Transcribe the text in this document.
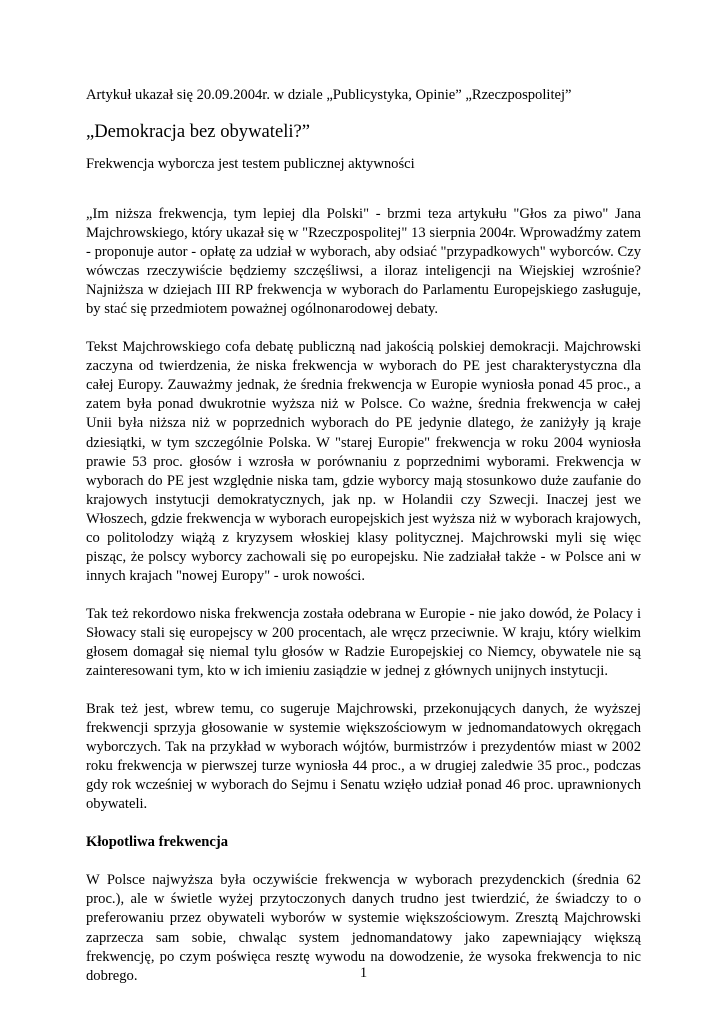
Artykuł ukazał się 20.09.2004r. w dziale „Publicystyka, Opinie” „Rzeczpospolitej”
„Demokracja bez obywateli?”
Frekwencja wyborcza jest testem publicznej aktywności

„Im niższa frekwencja, tym lepiej dla Polski" - brzmi teza artykułu "Głos za piwo" Jana Majchrowskiego, który ukazał się w "Rzeczpospolitej" 13 sierpnia 2004r. Wprowadźmy zatem - proponuje autor - opłatę za udział w wyborach, aby odsiać "przypadkowych" wyborców. Czy wówczas rzeczywiście będziemy szczęśliwsi, a iloraz inteligencji na Wiejskiej wzrośnie? Najniższa w dziejach III RP frekwencja w wyborach do Parlamentu Europejskiego zasługuje, by stać się przedmiotem poważnej ogólnonarodowej debaty.

Tekst Majchrowskiego cofa debatę publiczną nad jakością polskiej demokracji. Majchrowski zaczyna od twierdzenia, że niska frekwencja w wyborach do PE jest charakterystyczna dla całej Europy. Zauważmy jednak, że średnia frekwencja w Europie wyniosła ponad 45 proc., a zatem była ponad dwukrotnie wyższa niż w Polsce. Co ważne, średnia frekwencja w całej Unii była niższa niż w poprzednich wyborach do PE jedynie dlatego, że zaniżyły ją kraje dziesiątki, w tym szczególnie Polska. W "starej Europie" frekwencja w roku 2004 wyniosła prawie 53 proc. głosów i wzrosła w porównaniu z poprzednimi wyborami. Frekwencja w wyborach do PE jest względnie niska tam, gdzie wyborcy mają stosunkowo duże zaufanie do krajowych instytucji demokratycznych, jak np. w Holandii czy Szwecji. Inaczej jest we Włoszech, gdzie frekwencja w wyborach europejskich jest wyższa niż w wyborach krajowych, co politolodzy wiążą z kryzysem włoskiej klasy politycznej. Majchrowski myli się więc pisząc, że polscy wyborcy zachowali się po europejsku. Nie zadziałał także - w Polsce ani w innych krajach "nowej Europy" - urok nowości.

Tak też rekordowo niska frekwencja została odebrana w Europie - nie jako dowód, że Polacy i Słowacy stali się europejscy w 200 procentach, ale wręcz przeciwnie. W kraju, który wielkim głosem domagał się niemal tylu głosów w Radzie Europejskiej co Niemcy, obywatele nie są zainteresowani tym, kto w ich imieniu zasiądzie w jednej z głównych unijnych instytucji.

Brak też jest, wbrew temu, co sugeruje Majchrowski, przekonujących danych, że wyższej frekwencji sprzyja głosowanie w systemie większościowym w jednomandatowych okręgach wyborczych. Tak na przykład w wyborach wójtów, burmistrzów i prezydentów miast w 2002 roku frekwencja w pierwszej turze wyniosła 44 proc., a w drugiej zaledwie 35 proc., podczas gdy rok wcześniej w wyborach do Sejmu i Senatu wzięło udział ponad 46 proc. uprawnionych obywateli.

Kłopotliwa frekwencja

W Polsce najwyższa była oczywiście frekwencja w wyborach prezydenckich (średnia 62 proc.), ale w świetle wyżej przytoczonych danych trudno jest twierdzić, że świadczy to o preferowaniu przez obywateli wyborów w systemie większościowym. Zresztą Majchrowski zaprzecza sam sobie, chwaląc system jednomandatowy jako zapewniający większą frekwencję, po czym poświęca resztę wywodu na dowodzenie, że wysoka frekwencja to nic dobrego.	1
